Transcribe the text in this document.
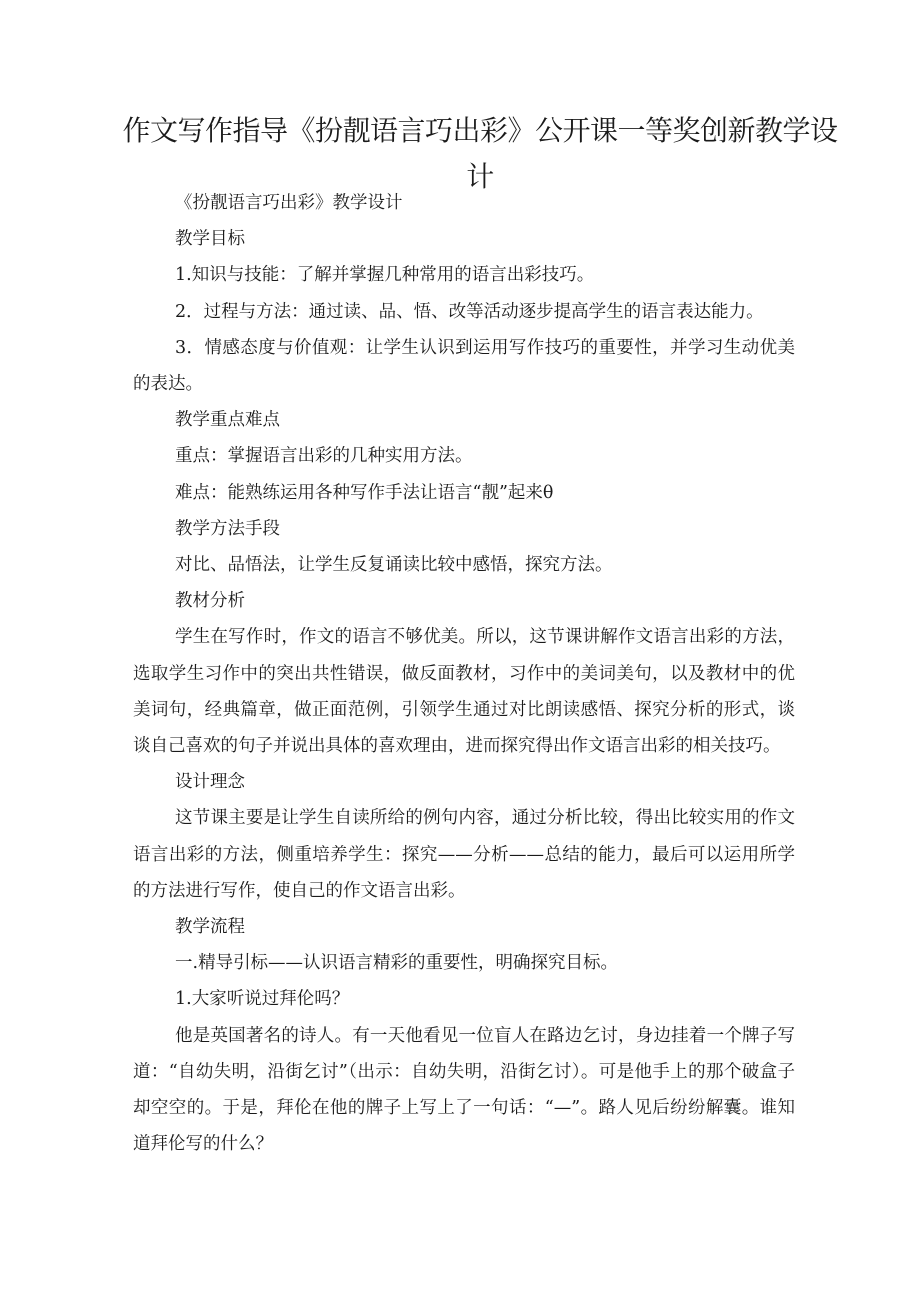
作文写作指导《扮靓语言巧出彩》公开课一等奖创新教学设计

《扮靓语言巧出彩》教学设计

教学目标

1.知识与技能：了解并掌握几种常用的语言出彩技巧。

2．过程与方法：通过读、品、悟、改等活动逐步提高学生的语言表达能力。

3．情感态度与价值观：让学生认识到运用写作技巧的重要性，并学习生动优美的表达。

教学重点难点

重点：掌握语言出彩的几种实用方法。

难点：能熟练运用各种写作手法让语言“靓”起来θ

教学方法手段

对比、品悟法，让学生反复诵读比较中感悟，探究方法。

教材分析

学生在写作时，作文的语言不够优美。所以，这节课讲解作文语言出彩的方法，选取学生习作中的突出共性错误，做反面教材，习作中的美词美句，以及教材中的优美词句，经典篇章，做正面范例，引领学生通过对比朗读感悟、探究分析的形式，谈谈自己喜欢的句子并说出具体的喜欢理由，进而探究得出作文语言出彩的相关技巧。

设计理念

这节课主要是让学生自读所给的例句内容，通过分析比较，得出比较实用的作文语言出彩的方法，侧重培养学生：探究——分析——总结的能力，最后可以运用所学的方法进行写作，使自己的作文语言出彩。

教学流程

一.精导引标——认识语言精彩的重要性，明确探究目标。

1.大家听说过拜伦吗？

他是英国著名的诗人。有一天他看见一位盲人在路边乞讨，身边挂着一个牌子写道：“自幼失明，沿街乞讨”（出示：自幼失明，沿街乞讨）。可是他手上的那个破盒子却空空的。于是，拜伦在他的牌子上写上了一句话：“—”。路人见后纷纷解囊。谁知道拜伦写的什么？
